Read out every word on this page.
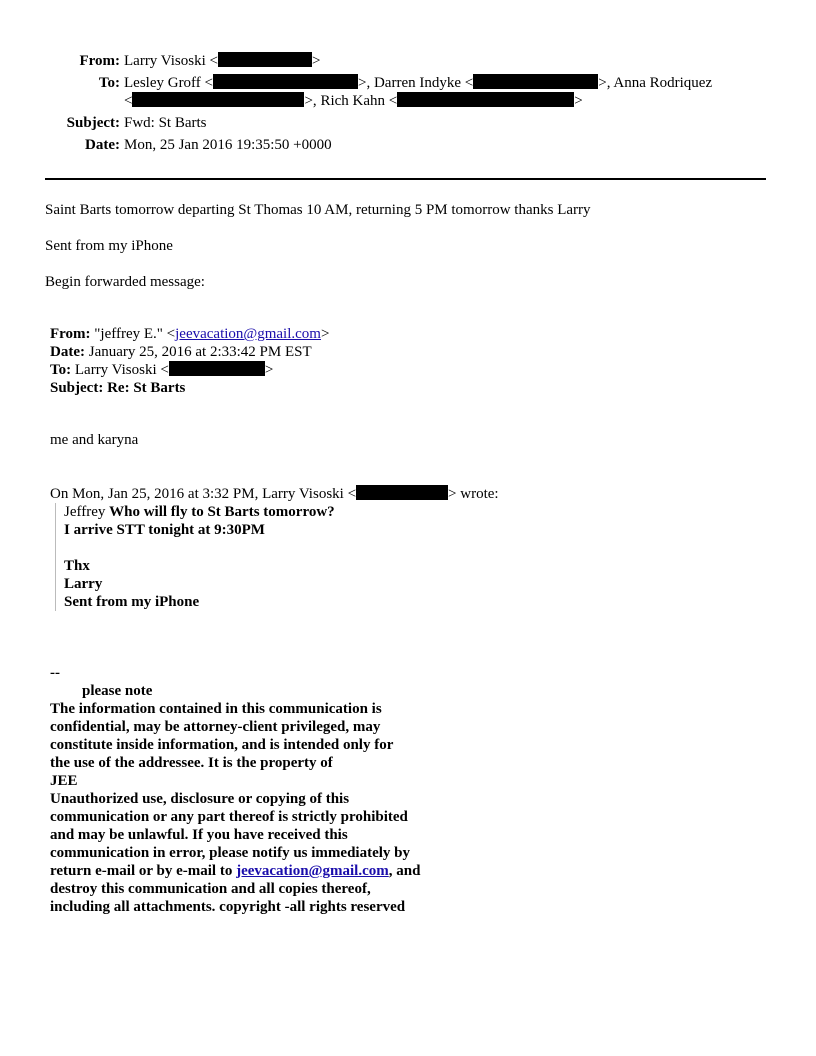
From: Larry Visoski <	>
To: Lesley Groff <	>, Darren Indyke <	>, Anna Rodriquez
<	>, Rich Kahn <	>
Subject: Fwd: St Barts
Date: Mon, 25 Jan 2016 19:35:50 +0000
Saint Barts tomorrow departing St Thomas 10 AM, returning 5 PM tomorrow thanks Larry
Sent from my iPhone
Begin forwarded message:
From: "jeffrey E." <jeevacation@gmail.com>
Date: January 25, 2016 at 2:33:42 PM EST
To: Larry Visoski <	>
Subject: Re: St Barts
me and karyna
On Mon, Jan 25, 2016 at 3:32 PM, Larry Visoski <	> wrote:
Jeffrey Who will fly to St Barts tomorrow?
I arrive STT tonight at 9:30PM
Thx
Larry
Sent from my iPhone
--
please note
The information contained in this communication is
confidential, may be attorney-client privileged, may
constitute inside information, and is intended only for
the use of the addressee. It is the property of
JEE
Unauthorized use, disclosure or copying of this
communication or any part thereof is strictly prohibited
and may be unlawful. If you have received this
communication in error, please notify us immediately by
return e-mail or by e-mail to jeevacation@gmail.com, and
destroy this communication and all copies thereof,
including all attachments. copyright -all rights reserved
